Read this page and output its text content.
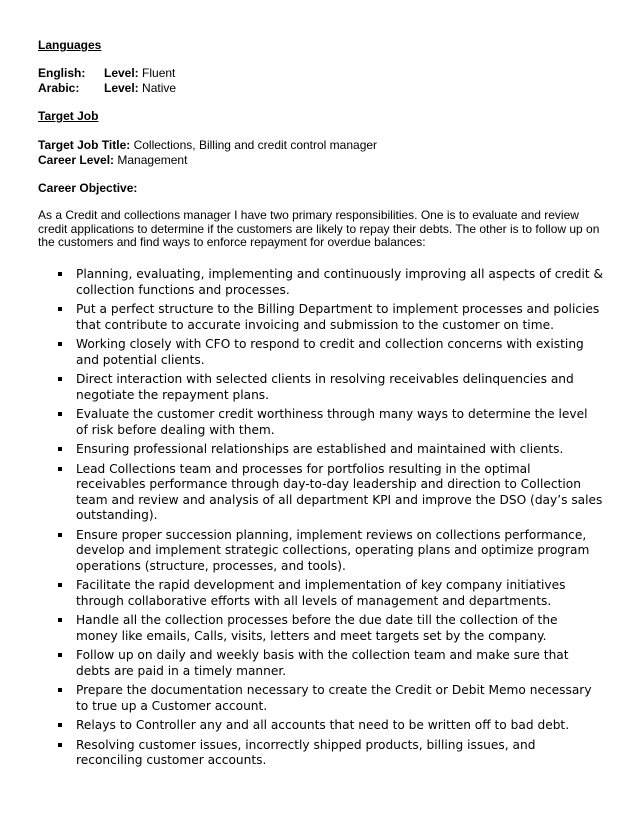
Languages
English: Level: Fluent
Arabic: Level: Native
Target Job
Target Job Title: Collections, Billing and credit control manager
Career Level: Management
Career Objective:
As a Credit and collections manager I have two primary responsibilities. One is to evaluate and review credit applications to determine if the customers are likely to repay their debts. The other is to follow up on the customers and find ways to enforce repayment for overdue balances:
Planning, evaluating, implementing and continuously improving all aspects of credit & collection functions and processes.
Put a perfect structure to the Billing Department to implement processes and policies that contribute to accurate invoicing and submission to the customer on time.
Working closely with CFO to respond to credit and collection concerns with existing and potential clients.
Direct interaction with selected clients in resolving receivables delinquencies and negotiate the repayment plans.
Evaluate the customer credit worthiness through many ways to determine the level of risk before dealing with them.
Ensuring professional relationships are established and maintained with clients.
Lead Collections team and processes for portfolios resulting in the optimal receivables performance through day-to-day leadership and direction to Collection team and review and analysis of all department KPI and improve the DSO (day’s sales outstanding).
Ensure proper succession planning, implement reviews on collections performance, develop and implement strategic collections, operating plans and optimize program operations (structure, processes, and tools).
Facilitate the rapid development and implementation of key company initiatives through collaborative efforts with all levels of management and departments.
Handle all the collection processes before the due date till the collection of the money like emails, Calls, visits, letters and meet targets set by the company.
Follow up on daily and weekly basis with the collection team and make sure that debts are paid in a timely manner.
Prepare the documentation necessary to create the Credit or Debit Memo necessary to true up a Customer account.
Relays to Controller any and all accounts that need to be written off to bad debt.
Resolving customer issues, incorrectly shipped products, billing issues, and reconciling customer accounts.
